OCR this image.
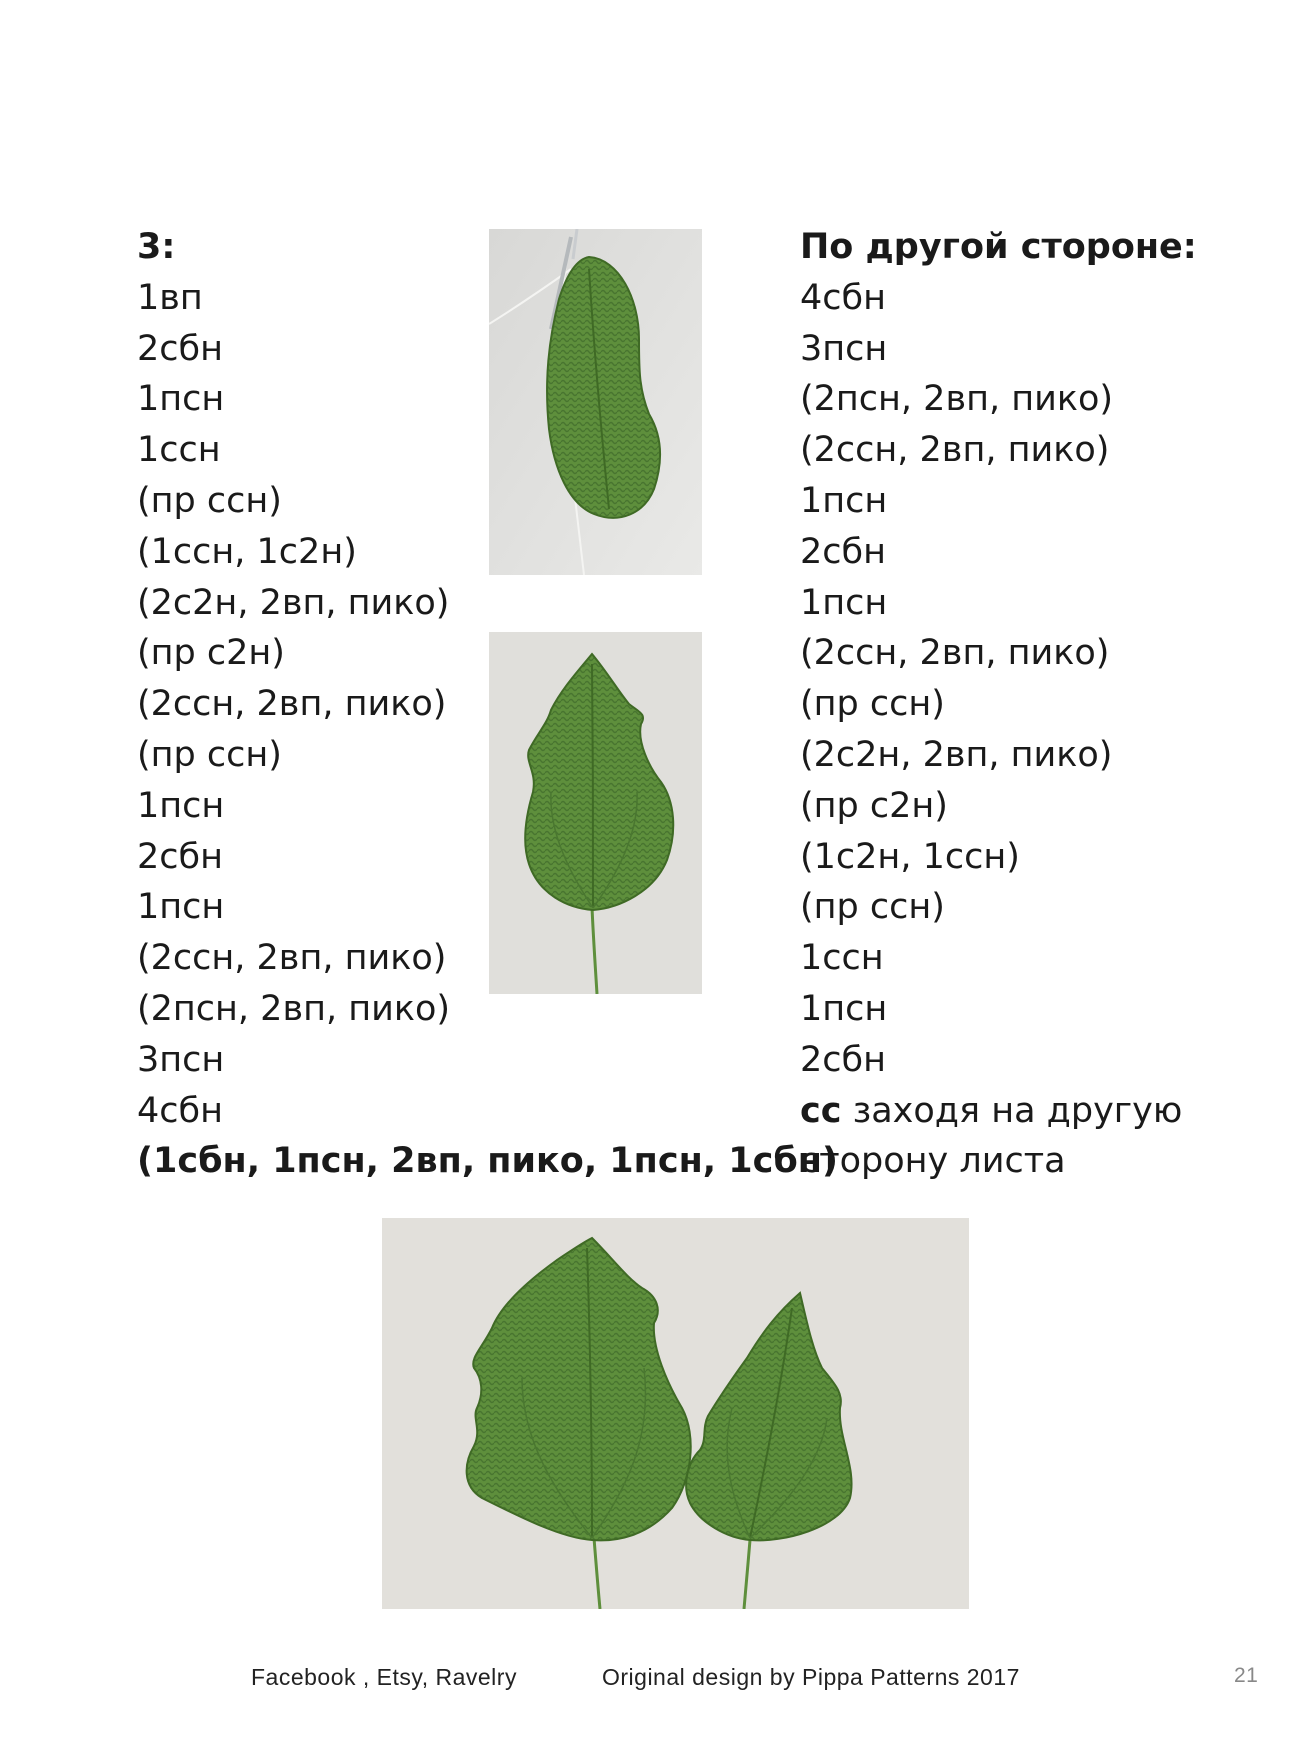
3:
1вп
2сбн
1псн
1ссн
(пр ссн)
(1ссн, 1с2н)
(2с2н, 2вп, пико)
(пр с2н)
(2ссн, 2вп, пико)
(пр ссн)
1псн
2сбн
1псн
(2ссн, 2вп, пико)
(2псн, 2вп, пико)
3псн
4сбн
(1сбн, 1псн, 2вп, пико, 1псн, 1сбн)
По другой стороне:
4сбн
3псн
(2псн, 2вп, пико)
(2ссн, 2вп, пико)
1псн
2сбн
1псн
(2ссн, 2вп, пико)
(пр ссн)
(2с2н, 2вп, пико)
(пр с2н)
(1с2н, 1ссн)
(пр ссн)
1ссн
1псн
2сбн
сс заходя на другую
сторону листа
Facebook , Etsy, Ravelry	Original design by Pippa Patterns 2017	21
